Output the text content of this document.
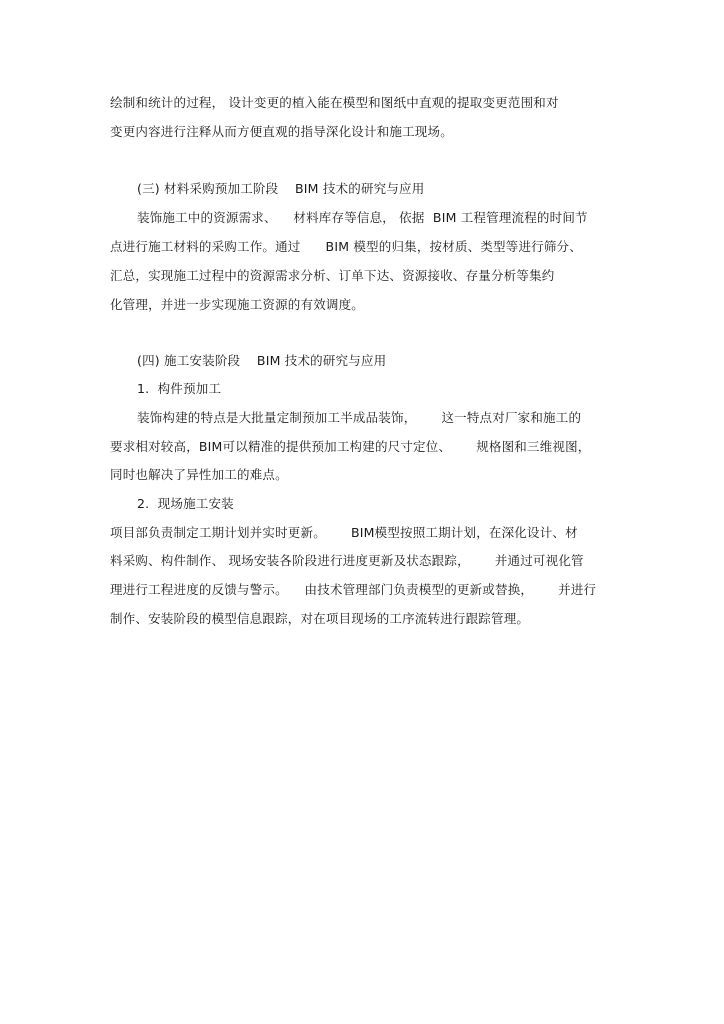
绘制和统计的过程， 设计变更的植入能在模型和图纸中直观的提取变更范围和对
变更内容进行注释从而方便直观的指导深化设计和施工现场。
(三) 材料采购预加工阶段    BIM 技术的研究与应用
装饰施工中的资源需求、    材料库存等信息， 依据  BIM 工程管理流程的时间节
点进行施工材料的采购工作。通过      BIM 模型的归集，按材质、类型等进行筛分、
汇总，实现施工过程中的资源需求分析、订单下达、资源接收、存量分析等集约
化管理，并进一步实现施工资源的有效调度。
(四) 施工安装阶段    BIM 技术的研究与应用
1.  构件预加工
装饰构建的特点是大批量定制预加工半成品装饰，      这一特点对厂家和施工的
要求相对较高，BIM可以精准的提供预加工构建的尺寸定位、      规格图和三维视图，
同时也解决了异性加工的难点。
2.  现场施工安装
项目部负责制定工期计划并实时更新。      BIM模型按照工期计划，在深化设计、材
料采购、构件制作、 现场安装各阶段进行进度更新及状态跟踪，      并通过可视化管
理进行工程进度的反馈与警示。    由技术管理部门负责模型的更新或替换，      并进行
制作、安装阶段的模型信息跟踪，对在项目现场的工序流转进行跟踪管理。
